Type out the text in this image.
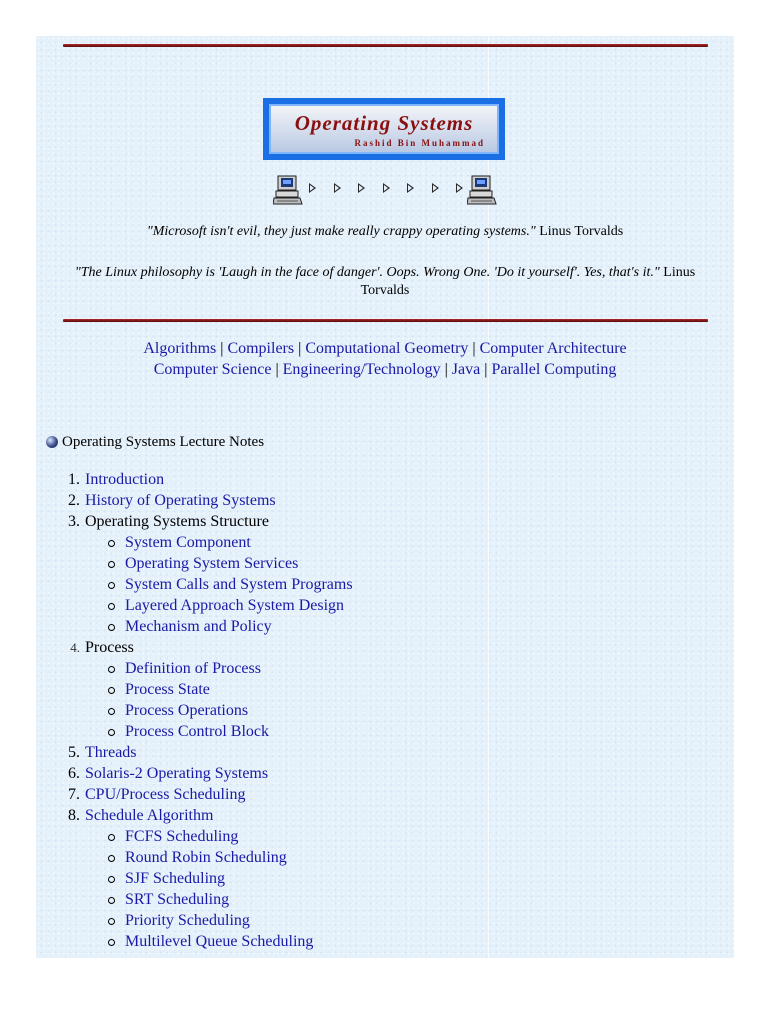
Operating Systems
Rashid Bin Muhammad
"Microsoft isn't evil, they just make really crappy operating systems." Linus Torvalds
"The Linux philosophy is 'Laugh in the face of danger'. Oops. Wrong One. 'Do it yourself'. Yes, that's it." Linus Torvalds
Algorithms | Compilers | Computational Geometry | Computer Architecture
Computer Science | Engineering/Technology | Java | Parallel Computing
Operating Systems Lecture Notes
1. Introduction
2. History of Operating Systems
3. Operating Systems Structure
System Component
Operating System Services
System Calls and System Programs
Layered Approach System Design
Mechanism and Policy
4. Process
Definition of Process
Process State
Process Operations
Process Control Block
5. Threads
6. Solaris-2 Operating Systems
7. CPU/Process Scheduling
8. Schedule Algorithm
FCFS Scheduling
Round Robin Scheduling
SJF Scheduling
SRT Scheduling
Priority Scheduling
Multilevel Queue Scheduling
